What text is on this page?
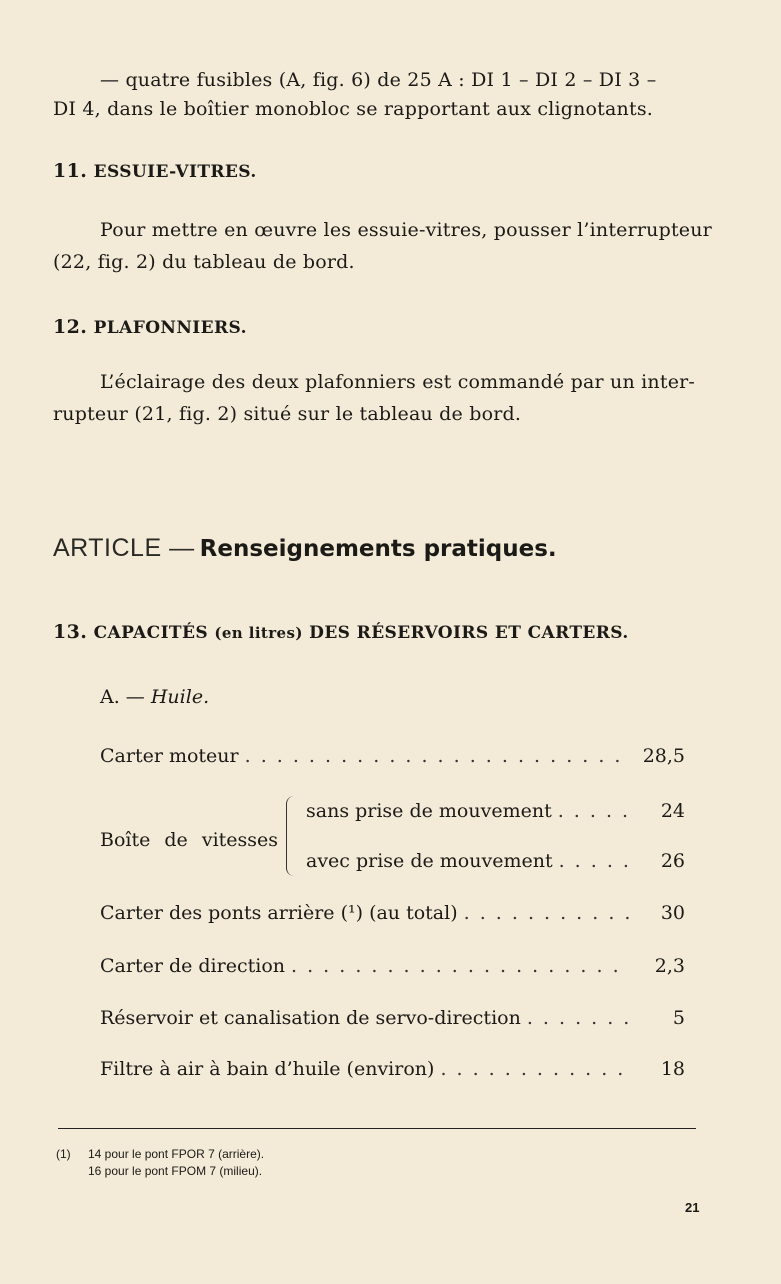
— quatre fusibles (A, fig. 6) de 25 A : DI 1 – DI 2 – DI 3 –
DI 4, dans le boîtier monobloc se rapportant aux clignotants.
11. ESSUIE-VITRES.
Pour mettre en œuvre les essuie-vitres, pousser l’interrupteur
(22, fig. 2) du tableau de bord.
12. PLAFONNIERS.
L’éclairage des deux plafonniers est commandé par un inter-
rupteur (21, fig. 2) situé sur le tableau de bord.
ARTICLE — Renseignements pratiques.
13. CAPACITÉS (en litres) DES RÉSERVOIRS ET CARTERS.
A. — Huile.
Carter moteur . . .	28,5
Boîte de vitesses
sans prise de mouvement . . .	24
avec prise de mouvement . . .	26
Carter des ponts arrière (¹) (au total) . . .	30
Carter de direction . . .	2,3
Réservoir et canalisation de servo-direction . . .	5
Filtre à air à bain d’huile (environ) . . .	18
(1) 14 pour le pont FPOR 7 (arrière).
16 pour le pont FPOM 7 (milieu).
21
